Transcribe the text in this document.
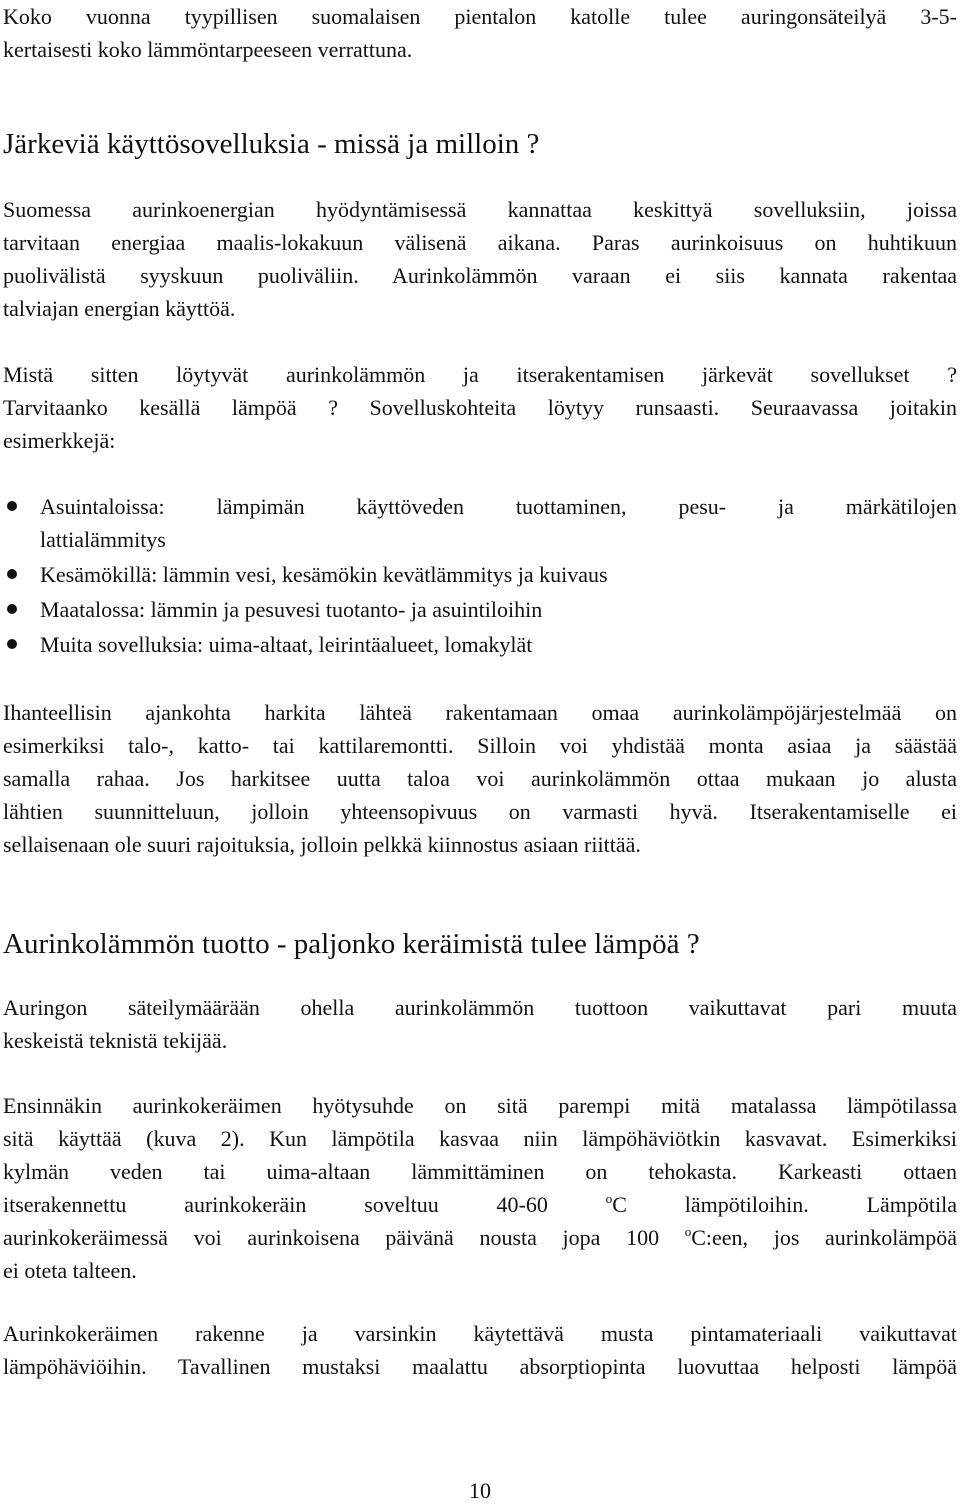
Koko vuonna tyypillisen suomalaisen pientalon katolle tulee auringonsäteilyä 3-5-
kertaisesti koko lämmöntarpeeseen verrattuna.
Järkeviä käyttösovelluksia - missä ja milloin ?
Suomessa aurinkoenergian hyödyntämisessä kannattaa keskittyä sovelluksiin, joissa
tarvitaan energiaa maalis-lokakuun välisenä aikana. Paras aurinkoisuus on huhtikuun
puolivälistä syyskuun puoliväliin. Aurinkolämmön varaan ei siis kannata rakentaa
talviajan energian käyttöä.
Mistä sitten löytyvät aurinkolämmön ja itserakentamisen järkevät sovellukset ?
Tarvitaanko kesällä lämpöä ? Sovelluskohteita löytyy runsaasti. Seuraavassa joitakin
esimerkkejä:
Asuintaloissa: lämpimän käyttöveden tuottaminen, pesu- ja märkätilojen
lattialämmitys
Kesämökillä: lämmin vesi, kesämökin kevätlämmitys ja kuivaus
Maatalossa: lämmin ja pesuvesi tuotanto- ja asuintiloihin
Muita sovelluksia: uima-altaat, leirintäalueet, lomakylät
Ihanteellisin ajankohta harkita lähteä rakentamaan omaa aurinkolämpöjärjestelmää on
esimerkiksi talo-, katto- tai kattilaremontti. Silloin voi yhdistää monta asiaa ja säästää
samalla rahaa. Jos harkitsee uutta taloa voi aurinkolämmön ottaa mukaan jo alusta
lähtien suunnitteluun, jolloin yhteensopivuus on varmasti hyvä. Itserakentamiselle ei
sellaisenaan ole suuri rajoituksia, jolloin pelkkä kiinnostus asiaan riittää.
Aurinkolämmön tuotto - paljonko keräimistä tulee lämpöä ?
Auringon säteilymäärään ohella aurinkolämmön tuottoon vaikuttavat pari muuta
keskeistä teknistä tekijää.
Ensinnäkin aurinkokeräimen hyötysuhde on sitä parempi mitä matalassa lämpötilassa
sitä käyttää (kuva 2). Kun lämpötila kasvaa niin lämpöhäviötkin kasvavat. Esimerkiksi
kylmän veden tai uima-altaan lämmittäminen on tehokasta. Karkeasti ottaen
itserakennettu aurinkokeräin soveltuu 40-60 $^o$C lämpötiloihin. Lämpötila
aurinkokeräimessä voi aurinkoisena päivänä nousta jopa 100 $^o$C:een, jos aurinkolämpöä
ei oteta talteen.
Aurinkokeräimen rakenne ja varsinkin käytettävä musta pintamateriaali vaikuttavat
lämpöhäviöihin. Tavallinen mustaksi maalattu absorptiopinta luovuttaa helposti lämpöä
10
